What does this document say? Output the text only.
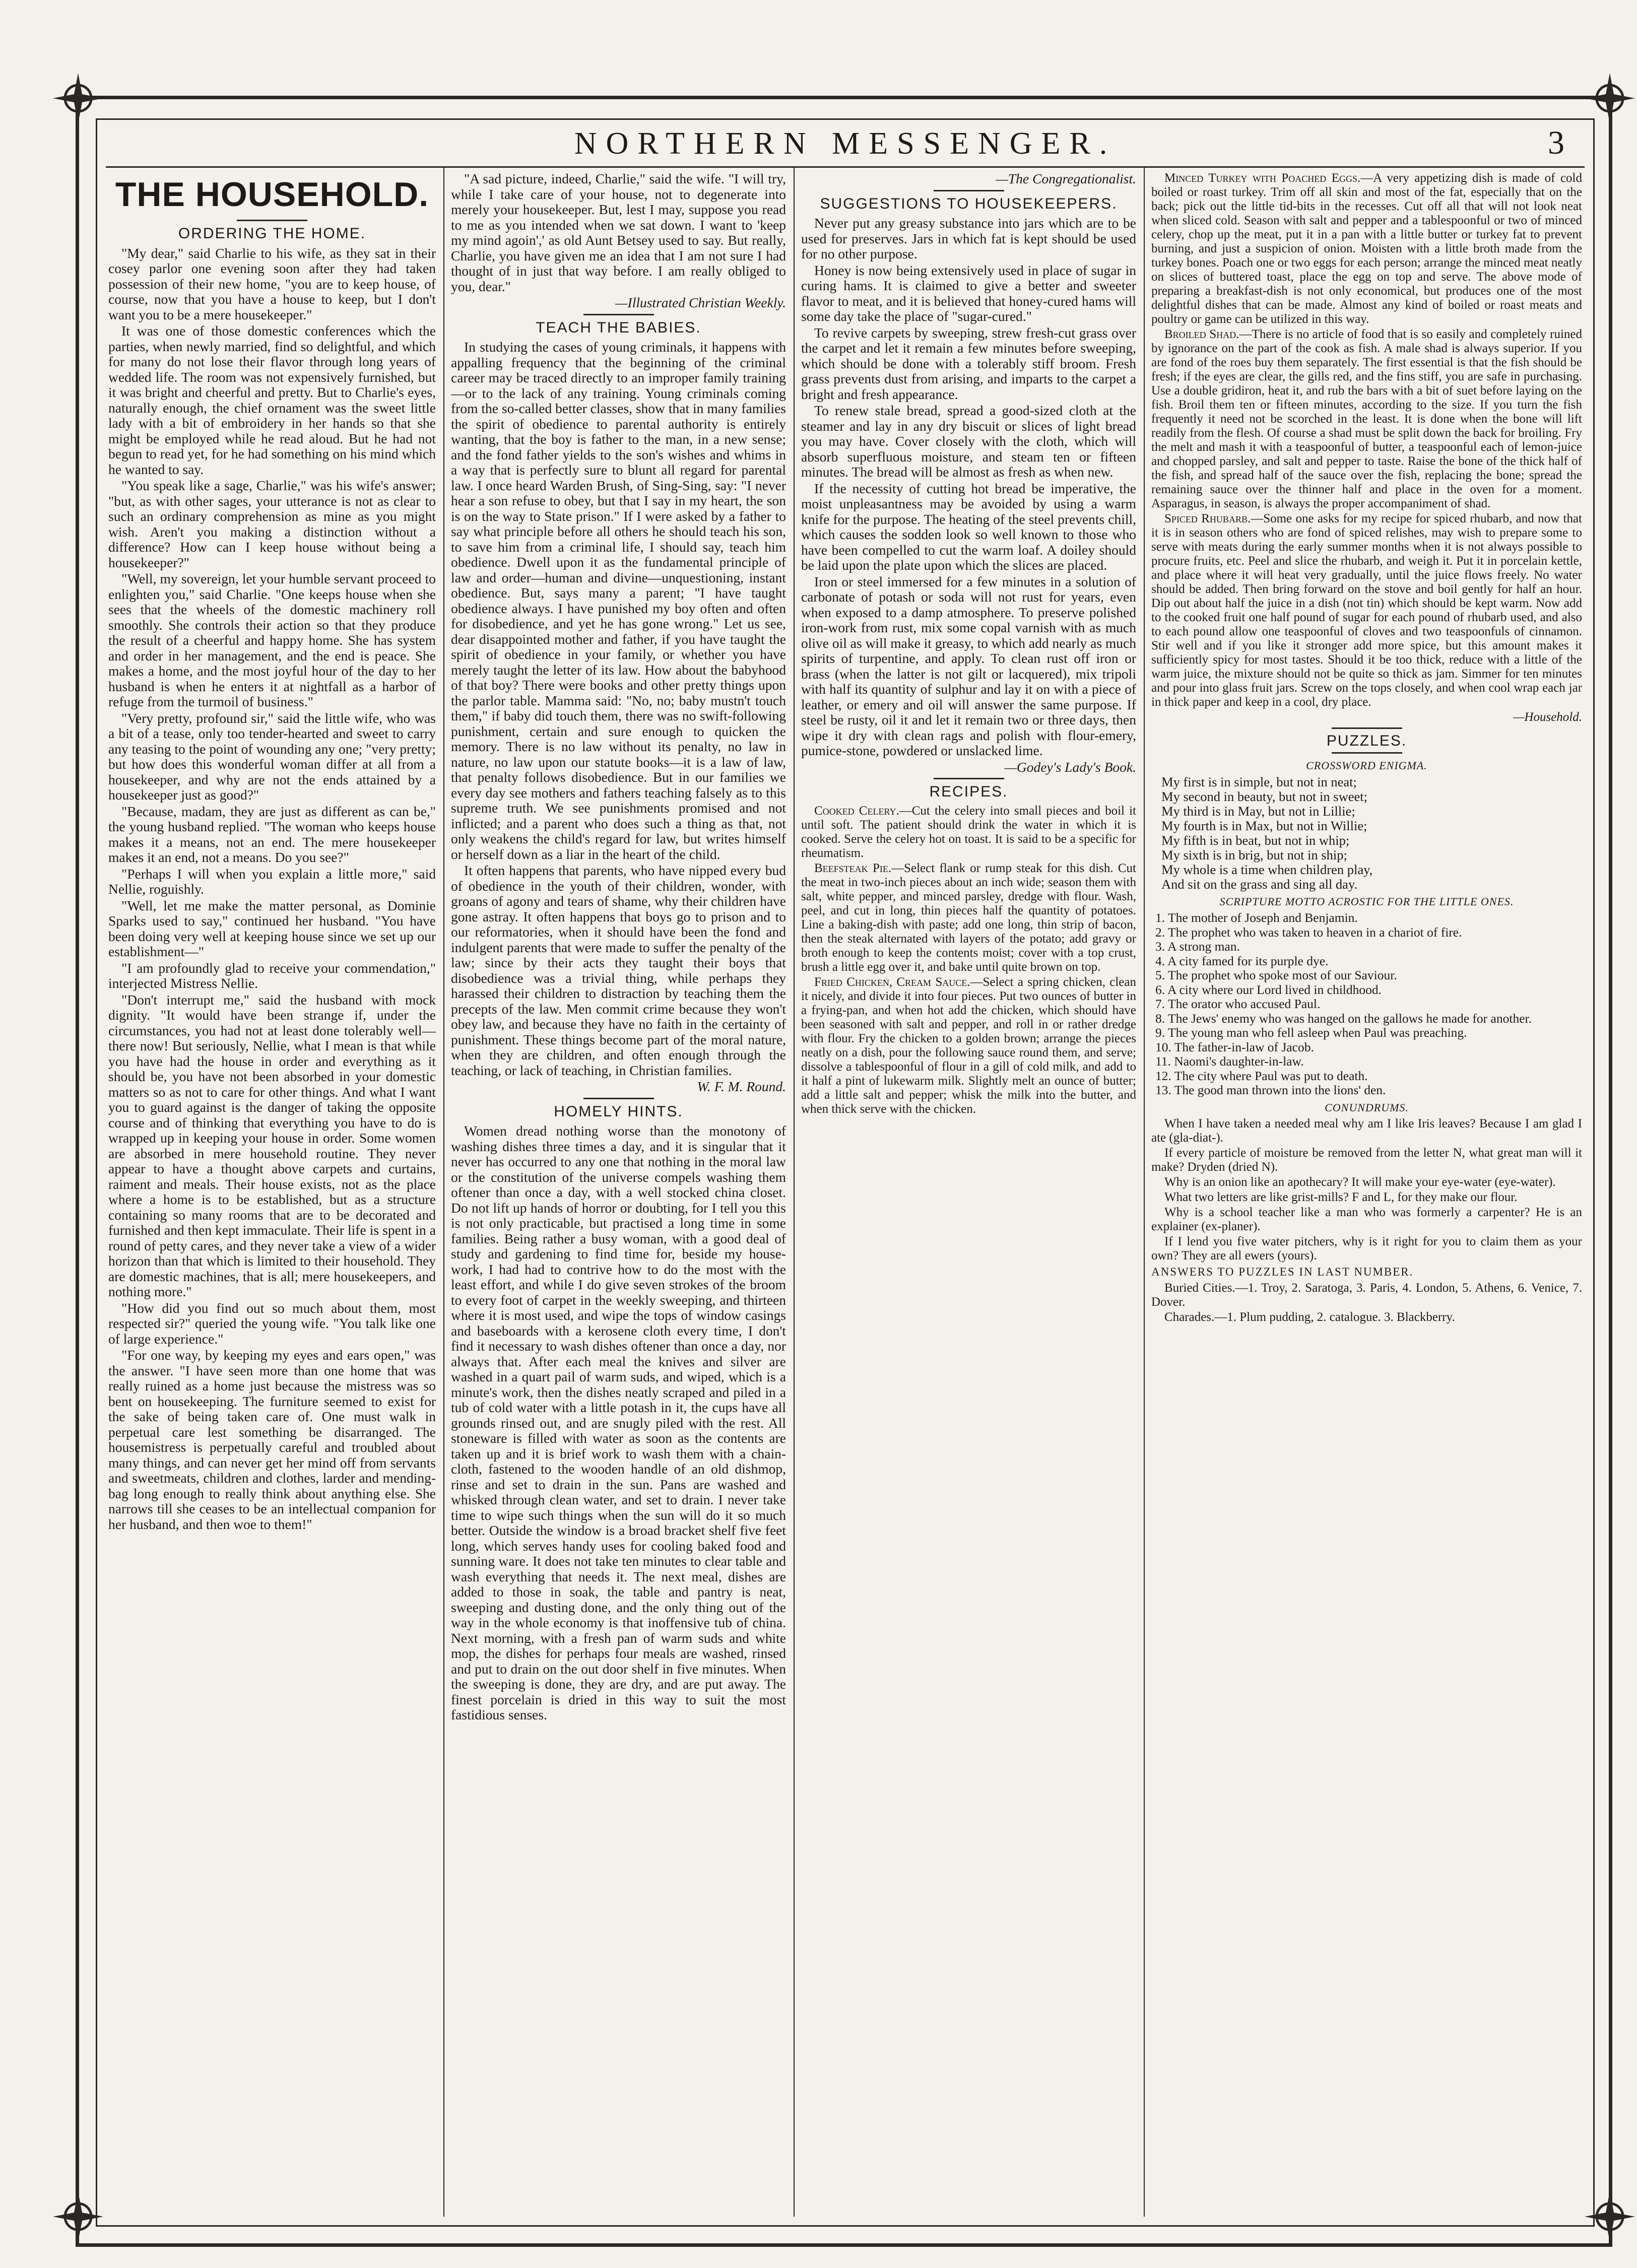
NORTHERN MESSENGER.	3
THE HOUSEHOLD.
ORDERING THE HOME.

"My dear," said Charlie to his wife, as they sat in their cosey parlor one evening soon after they had taken possession of their new home, "you are to keep house, of course, now that you have a house to keep, but I don't want you to be a mere housekeeper."

It was one of those domestic conferences which the parties, when newly married, find so delightful, and which for many do not lose their flavor through long years of wedded life. The room was not expensively furnished, but it was bright and cheerful and pretty. But to Charlie's eyes, naturally enough, the chief ornament was the sweet little lady with a bit of embroidery in her hands so that she might be employed while he read aloud. But he had not begun to read yet, for he had something on his mind which he wanted to say.

"You speak like a sage, Charlie," was his wife's answer; "but, as with other sages, your utterance is not as clear to such an ordinary comprehension as mine as you might wish. Aren't you making a distinction without a difference? How can I keep house without being a housekeeper?"

"Well, my sovereign, let your humble servant proceed to enlighten you," said Charlie. "One keeps house when she sees that the wheels of the domestic machinery roll smoothly. She controls their action so that they produce the result of a cheerful and happy home. She has system and order in her management, and the end is peace. She makes a home, and the most joyful hour of the day to her husband is when he enters it at nightfall as a harbor of refuge from the turmoil of business."

"Very pretty, profound sir," said the little wife, who was a bit of a tease, only too tender-hearted and sweet to carry any teasing to the point of wounding any one; "very pretty; but how does this wonderful woman differ at all from a housekeeper, and why are not the ends attained by a housekeeper just as good?"

"Because, madam, they are just as different as can be," the young husband replied. "The woman who keeps house makes it a means, not an end. The mere housekeeper makes it an end, not a means. Do you see?"

"Perhaps I will when you explain a little more," said Nellie, roguishly.

"Well, let me make the matter personal, as Dominie Sparks used to say," continued her husband. "You have been doing very well at keeping house since we set up our establishment—"

"I am profoundly glad to receive your commendation," interjected Mistress Nellie.

"Don't interrupt me," said the husband with mock dignity. "It would have been strange if, under the circumstances, you had not at least done tolerably well—there now! But seriously, Nellie, what I mean is that while you have had the house in order and everything as it should be, you have not been absorbed in your domestic matters so as not to care for other things. And what I want you to guard against is the danger of taking the opposite course and of thinking that everything you have to do is wrapped up in keeping your house in order. Some women are absorbed in mere household routine. They never appear to have a thought above carpets and curtains, raiment and meals. Their house exists, not as the place where a home is to be established, but as a structure containing so many rooms that are to be decorated and furnished and then kept immaculate. Their life is spent in a round of petty cares, and they never take a view of a wider horizon than that which is limited to their household. They are domestic machines, that is all; mere housekeepers, and nothing more."

"How did you find out so much about them, most respected sir?" queried the young wife. "You talk like one of large experience."

"For one way, by keeping my eyes and ears open," was the answer. "I have seen more than one home that was really ruined as a home just because the mistress was so bent on housekeeping. The furniture seemed to exist for the sake of being taken care of. One must walk in perpetual care lest something be disarranged. The housemistress is perpetually careful and troubled about many things, and can never get her mind off from servants and sweetmeats, children and clothes, larder and mending-bag long enough to really think about anything else. She narrows till she ceases to be an intellectual companion for her husband, and then woe to them!"

"A sad picture, indeed, Charlie," said the wife. "I will try, while I take care of your house, not to degenerate into merely your housekeeper. But, lest I may, suppose you read to me as you intended when we sat down. I want to 'keep my mind agoin',' as old Aunt Betsey used to say. But really, Charlie, you have given me an idea that I am not sure I had thought of in just that way before. I am really obliged to you, dear."

—Illustrated Christian Weekly.

TEACH THE BABIES.

In studying the cases of young criminals, it happens with appalling frequency that the beginning of the criminal career may be traced directly to an improper family training—or to the lack of any training. Young criminals coming from the so-called better classes, show that in many families the spirit of obedience to parental authority is entirely wanting, that the boy is father to the man, in a new sense; and the fond father yields to the son's wishes and whims in a way that is perfectly sure to blunt all regard for parental law. I once heard Warden Brush, of Sing-Sing, say: "I never hear a son refuse to obey, but that I say in my heart, the son is on the way to State prison." If I were asked by a father to say what principle before all others he should teach his son, to save him from a criminal life, I should say, teach him obedience. Dwell upon it as the fundamental principle of law and order—human and divine—unquestioning, instant obedience. But, says many a parent; "I have taught obedience always. I have punished my boy often and often for disobedience, and yet he has gone wrong." Let us see, dear disappointed mother and father, if you have taught the spirit of obedience in your family, or whether you have merely taught the letter of its law. How about the babyhood of that boy? There were books and other pretty things upon the parlor table. Mamma said: "No, no; baby mustn't touch them," if baby did touch them, there was no swift-following punishment, certain and sure enough to quicken the memory. There is no law without its penalty, no law in nature, no law upon our statute books—it is a law of law, that penalty follows disobedience. But in our families we every day see mothers and fathers teaching falsely as to this supreme truth. We see punishments promised and not inflicted; and a parent who does such a thing as that, not only weakens the child's regard for law, but writes himself or herself down as a liar in the heart of the child.

It often happens that parents, who have nipped every bud of obedience in the youth of their children, wonder, with groans of agony and tears of shame, why their children have gone astray. It often happens that boys go to prison and to our reformatories, when it should have been the fond and indulgent parents that were made to suffer the penalty of the law; since by their acts they taught their boys that disobedience was a trivial thing, while perhaps they harassed their children to distraction by teaching them the precepts of the law. Men commit crime because they won't obey law, and because they have no faith in the certainty of punishment. These things become part of the moral nature, when they are children, and often enough through the teaching, or lack of teaching, in Christian families.

W. F. M. Round.

HOMELY HINTS.

Women dread nothing worse than the monotony of washing dishes three times a day, and it is singular that it never has occurred to any one that nothing in the moral law or the constitution of the universe compels washing them oftener than once a day, with a well stocked china closet. Do not lift up hands of horror or doubting, for I tell you this is not only practicable, but practised a long time in some families. Being rather a busy woman, with a good deal of study and gardening to find time for, beside my house-work, I had had to contrive how to do the most with the least effort, and while I do give seven strokes of the broom to every foot of carpet in the weekly sweeping, and thirteen where it is most used, and wipe the tops of window casings and baseboards with a kerosene cloth every time, I don't find it necessary to wash dishes oftener than once a day, nor always that. After each meal the knives and silver are washed in a quart pail of warm suds, and wiped, which is a minute's work, then the dishes neatly scraped and piled in a tub of cold water with a little potash in it, the cups have all grounds rinsed out, and are snugly piled with the rest. All stoneware is filled with water as soon as the contents are taken up and it is brief work to wash them with a chain-cloth, fastened to the wooden handle of an old dishmop, rinse and set to drain in the sun. Pans are washed and whisked through clean water, and set to drain. I never take time to wipe such things when the sun will do it so much better. Outside the window is a broad bracket shelf five feet long, which serves handy uses for cooling baked food and sunning ware. It does not take ten minutes to clear table and wash everything that needs it. The next meal, dishes are added to those in soak, the table and pantry is neat, sweeping and dusting done, and the only thing out of the way in the whole economy is that inoffensive tub of china. Next morning, with a fresh pan of warm suds and white mop, the dishes for perhaps four meals are washed, rinsed and put to drain on the out door shelf in five minutes. When the sweeping is done, they are dry, and are put away. The finest porcelain is dried in this way to suit the most fastidious senses.

—The Congregationalist.

SUGGESTIONS TO HOUSEKEEPERS.

Never put any greasy substance into jars which are to be used for preserves. Jars in which fat is kept should be used for no other purpose.

Honey is now being extensively used in place of sugar in curing hams. It is claimed to give a better and sweeter flavor to meat, and it is believed that honey-cured hams will some day take the place of "sugar-cured."

To revive carpets by sweeping, strew fresh-cut grass over the carpet and let it remain a few minutes before sweeping, which should be done with a tolerably stiff broom. Fresh grass prevents dust from arising, and imparts to the carpet a bright and fresh appearance.

To renew stale bread, spread a good-sized cloth at the steamer and lay in any dry biscuit or slices of light bread you may have. Cover closely with the cloth, which will absorb superfluous moisture, and steam ten or fifteen minutes. The bread will be almost as fresh as when new.

If the necessity of cutting hot bread be imperative, the moist unpleasantness may be avoided by using a warm knife for the purpose. The heating of the steel prevents chill, which causes the sodden look so well known to those who have been compelled to cut the warm loaf. A doiley should be laid upon the plate upon which the slices are placed.

Iron or steel immersed for a few minutes in a solution of carbonate of potash or soda will not rust for years, even when exposed to a damp atmosphere. To preserve polished iron-work from rust, mix some copal varnish with as much olive oil as will make it greasy, to which add nearly as much spirits of turpentine, and apply. To clean rust off iron or brass (when the latter is not gilt or lacquered), mix tripoli with half its quantity of sulphur and lay it on with a piece of leather, or emery and oil will answer the same purpose. If steel be rusty, oil it and let it remain two or three days, then wipe it dry with clean rags and polish with flour-emery, pumice-stone, powdered or unslacked lime.

—Godey's Lady's Book.

RECIPES.

Cooked Celery.—Cut the celery into small pieces and boil it until soft. The patient should drink the water in which it is cooked. Serve the celery hot on toast. It is said to be a specific for rheumatism.

Beefsteak Pie.—Select flank or rump steak for this dish. Cut the meat in two-inch pieces about an inch wide; season them with salt, white pepper, and minced parsley, dredge with flour. Wash, peel, and cut in long, thin pieces half the quantity of potatoes. Line a baking-dish with paste; add one long, thin strip of bacon, then the steak alternated with layers of the potato; add gravy or broth enough to keep the contents moist; cover with a top crust, brush a little egg over it, and bake until quite brown on top.

Fried Chicken, Cream Sauce.—Select a spring chicken, clean it nicely, and divide it into four pieces. Put two ounces of butter in a frying-pan, and when hot add the chicken, which should have been seasoned with salt and pepper, and roll in or rather dredge with flour. Fry the chicken to a golden brown; arrange the pieces neatly on a dish, pour the following sauce round them, and serve; dissolve a tablespoonful of flour in a gill of cold milk, and add to it half a pint of lukewarm milk. Slightly melt an ounce of butter; add a little salt and pepper; whisk the milk into the butter, and when thick serve with the chicken.

Minced Turkey with Poached Eggs.—A very appetizing dish is made of cold boiled or roast turkey. Trim off all skin and most of the fat, especially that on the back; pick out the little tid-bits in the recesses. Cut off all that will not look neat when sliced cold. Season with salt and pepper and a tablespoonful or two of minced celery, chop up the meat, put it in a pan with a little butter or turkey fat to prevent burning, and just a suspicion of onion. Moisten with a little broth made from the turkey bones. Poach one or two eggs for each person; arrange the minced meat neatly on slices of buttered toast, place the egg on top and serve. The above mode of preparing a breakfast-dish is not only economical, but produces one of the most delightful dishes that can be made. Almost any kind of boiled or roast meats and poultry or game can be utilized in this way.

Broiled Shad.—There is no article of food that is so easily and completely ruined by ignorance on the part of the cook as fish. A male shad is always superior. If you are fond of the roes buy them separately. The first essential is that the fish should be fresh; if the eyes are clear, the gills red, and the fins stiff, you are safe in purchasing. Use a double gridiron, heat it, and rub the bars with a bit of suet before laying on the fish. Broil them ten or fifteen minutes, according to the size. If you turn the fish frequently it need not be scorched in the least. It is done when the bone will lift readily from the flesh. Of course a shad must be split down the back for broiling. Fry the melt and mash it with a teaspoonful of butter, a teaspoonful each of lemon-juice and chopped parsley, and salt and pepper to taste. Raise the bone of the thick half of the fish, and spread half of the sauce over the fish, replacing the bone; spread the remaining sauce over the thinner half and place in the oven for a moment. Asparagus, in season, is always the proper accompaniment of shad.

Spiced Rhubarb.—Some one asks for my recipe for spiced rhubarb, and now that it is in season others who are fond of spiced relishes, may wish to prepare some to serve with meats during the early summer months when it is not always possible to procure fruits, etc. Peel and slice the rhubarb, and weigh it. Put it in porcelain kettle, and place where it will heat very gradually, until the juice flows freely. No water should be added. Then bring forward on the stove and boil gently for half an hour. Dip out about half the juice in a dish (not tin) which should be kept warm. Now add to the cooked fruit one half pound of sugar for each pound of rhubarb used, and also to each pound allow one teaspoonful of cloves and two teaspoonfuls of cinnamon. Stir well and if you like it stronger add more spice, but this amount makes it sufficiently spicy for most tastes. Should it be too thick, reduce with a little of the warm juice, the mixture should not be quite so thick as jam. Simmer for ten minutes and pour into glass fruit jars. Screw on the tops closely, and when cool wrap each jar in thick paper and keep in a cool, dry place.

—Household.

PUZZLES.
CROSSWORD ENIGMA.
My first is in simple, but not in neat;
My second in beauty, but not in sweet;
My third is in May, but not in Lillie;
My fourth is in Max, but not in Willie;
My fifth is in beat, but not in whip;
My sixth is in brig, but not in ship;
My whole is a time when children play,
And sit on the grass and sing all day.
SCRIPTURE MOTTO ACROSTIC FOR THE LITTLE ONES.
1. The mother of Joseph and Benjamin.
2. The prophet who was taken to heaven in a chariot of fire.
3. A strong man.
4. A city famed for its purple dye.
5. The prophet who spoke most of our Saviour.
6. A city where our Lord lived in childhood.
7. The orator who accused Paul.
8. The Jews' enemy who was hanged on the gallows he made for another.
9. The young man who fell asleep when Paul was preaching.
10. The father-in-law of Jacob.
11. Naomi's daughter-in-law.
12. The city where Paul was put to death.
13. The good man thrown into the lions' den.
CONUNDRUMS.

When I have taken a needed meal why am I like Iris leaves? Because I am glad I ate (gla-diat-).

If every particle of moisture be removed from the letter N, what great man will it make? Dryden (dried N).

Why is an onion like an apothecary? It will make your eye-water (eye-water).

What two letters are like grist-mills? F and L, for they make our flour.

Why is a school teacher like a man who was formerly a carpenter? He is an explainer (ex-planer).

If I lend you five water pitchers, why is it right for you to claim them as your own? They are all ewers (yours).

ANSWERS TO PUZZLES IN LAST NUMBER.

Buried Cities.—1. Troy, 2. Saratoga, 3. Paris, 4. London, 5. Athens, 6. Venice, 7. Dover.

Charades.—1. Plum pudding, 2. catalogue. 3. Blackberry.
